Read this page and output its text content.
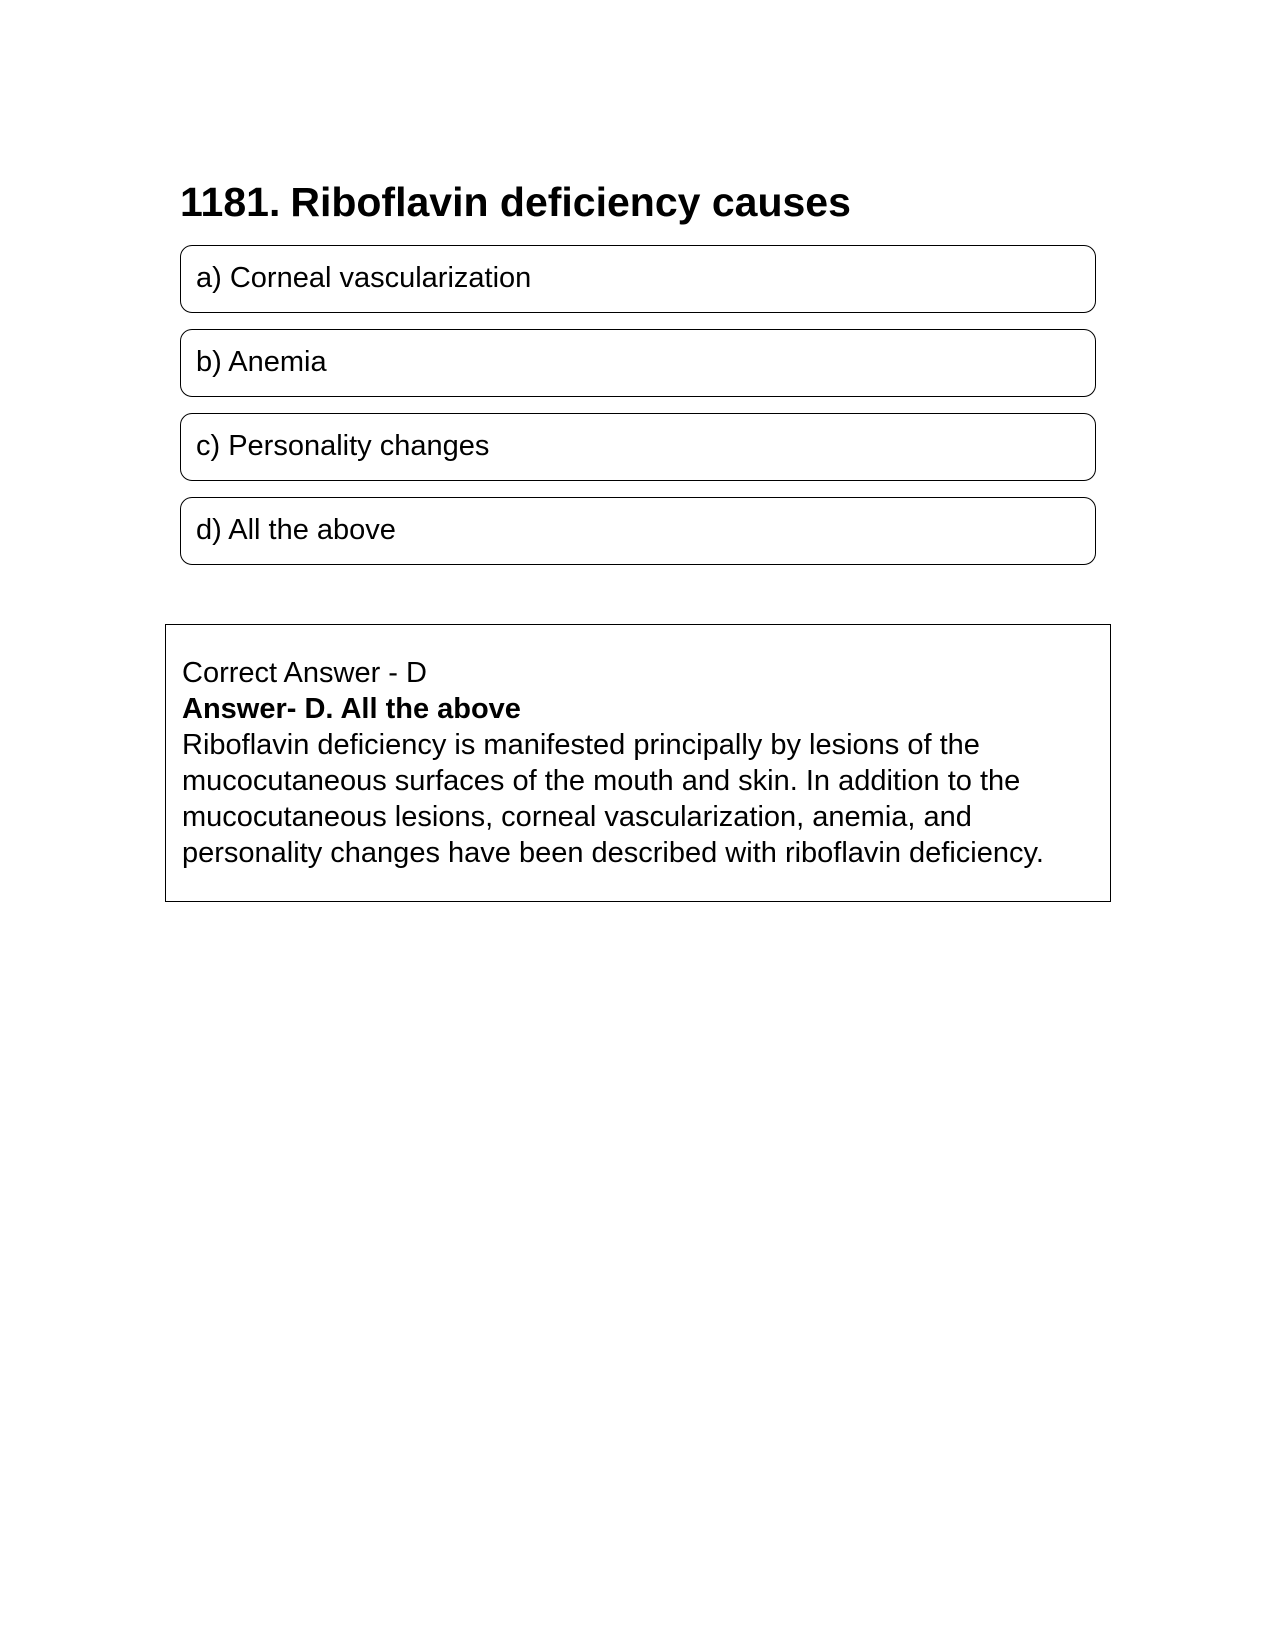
1181. Riboflavin deficiency causes
a) Corneal vascularization
b) Anemia
c) Personality changes
d) All the above
Correct Answer - D
Answer- D. All the above
Riboflavin deficiency is manifested principally by lesions of the mucocutaneous surfaces of the mouth and skin. In addition to the mucocutaneous lesions, corneal vascularization, anemia, and personality changes have been described with riboflavin deficiency.
